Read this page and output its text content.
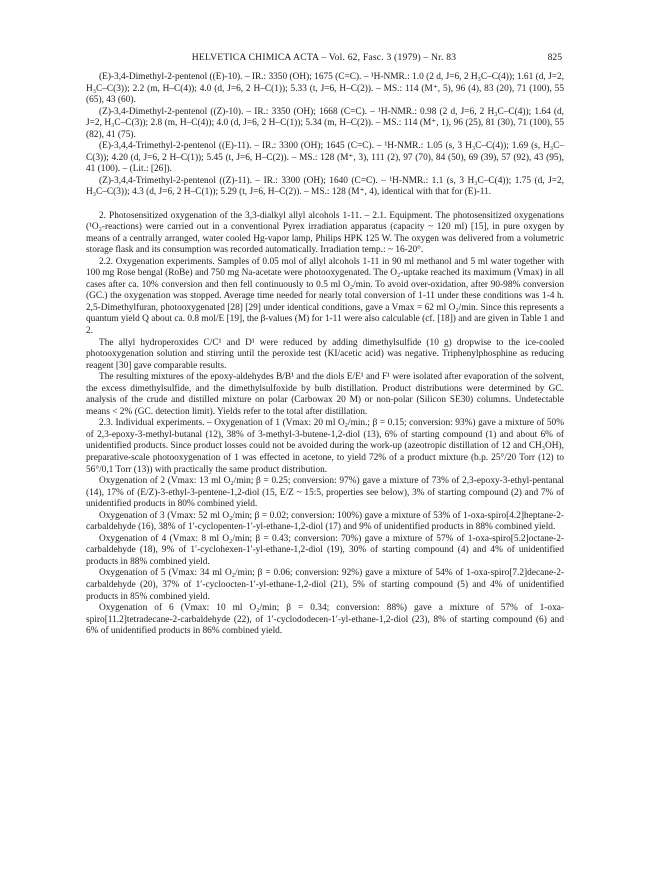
HELVETICA CHIMICA ACTA – Vol. 62, Fasc. 3 (1979) – Nr. 83	825

(E)-3,4-Dimethyl-2-pentenol ((E)-10). – IR.: 3350 (OH); 1675 (C=C). – ¹H-NMR.: 1.0 (2 d, J=6, 2 H₃C–C(4)); 1.61 (d, J=2, H₃C–C(3)); 2.2 (m, H–C(4)); 4.0 (d, J=6, 2 H–C(1)); 5.33 (t, J=6, H–C(2)). – MS.: 114 (M⁺, 5), 96 (4), 83 (20), 71 (100), 55 (65), 43 (60).

(Z)-3,4-Dimethyl-2-pentenol ((Z)-10). – IR.: 3350 (OH); 1668 (C=C). – ¹H-NMR.: 0.98 (2 d, J=6, 2 H₃C–C(4)); 1.64 (d, J=2, H₃C–C(3)); 2.8 (m, H–C(4)); 4.0 (d, J=6, 2 H–C(1)); 5.34 (m, H–C(2)). – MS.: 114 (M⁺, 1), 96 (25), 81 (30), 71 (100), 55 (82), 41 (75).

(E)-3,4,4-Trimethyl-2-pentenol ((E)-11). – IR.: 3300 (OH); 1645 (C=C). – ¹H-NMR.: 1.05 (s, 3 H₃C–C(4)); 1.69 (s, H₃C–C(3)); 4.20 (d, J=6, 2 H–C(1)); 5.45 (t, J=6, H–C(2)). – MS.: 128 (M⁺, 3), 111 (2), 97 (70), 84 (50), 69 (39), 57 (92), 43 (95), 41 (100). – (Lit.: [26]).

(Z)-3,4,4-Trimethyl-2-pentenol ((Z)-11). – IR.: 3300 (OH); 1640 (C=C). – ¹H-NMR.: 1.1 (s, 3 H₃C–C(4)); 1.75 (d, J=2, H₃C–C(3)); 4.3 (d, J=6, 2 H–C(1)); 5.29 (t, J=6, H–C(2)). – MS.: 128 (M⁺, 4), identical with that for (E)-11.

2. Photosensitized oxygenation of the 3,3-dialkyl allyl alcohols 1-11. – 2.1. Equipment. The photosensitized oxygenations (¹O₂-reactions) were carried out in a conventional Pyrex irradiation apparatus (capacity ~ 120 ml) [15], in pure oxygen by means of a centrally arranged, water cooled Hg-vapor lamp, Philips HPK 125 W. The oxygen was delivered from a volumetric storage flask and its consumption was recorded automatically. Irradiation temp.: ~ 16-20°.

2.2. Oxygenation experiments. Samples of 0.05 mol of allyl alcohols 1-11 in 90 ml methanol and 5 ml water together with 100 mg Rose bengal (RoBe) and 750 mg Na-acetate were photooxygenated. The O₂-uptake reached its maximum (Vmax) in all cases after ca. 10% conversion and then fell continuously to 0.5 ml O₂/min. To avoid over-oxidation, after 90-98% conversion (GC.) the oxygenation was stopped. Average time needed for nearly total conversion of 1-11 under these conditions was 1-4 h. 2,5-Dimethylfuran, photooxygenated [28] [29] under identical conditions, gave a Vmax = 62 ml O₂/min. Since this represents a quantum yield Q about ca. 0.8 mol/E [19], the β-values (M) for 1-11 were also calculable (cf. [18]) and are given in Table 1 and 2.

The allyl hydroperoxides C/C¹ and D¹ were reduced by adding dimethylsulfide (10 g) dropwise to the ice-cooled photooxygenation solution and stirring until the peroxide test (KI/acetic acid) was negative. Triphenylphosphine as reducing reagent [30] gave comparable results.

The resulting mixtures of the epoxy-aldehydes B/B¹ and the diols E/E¹ and F¹ were isolated after evaporation of the solvent, the excess dimethylsulfide, and the dimethylsulfoxide by bulb distillation. Product distributions were determined by GC. analysis of the crude and distilled mixture on polar (Carbowax 20 M) or non-polar (Silicon SE30) columns. Undetectable means < 2% (GC. detection limit). Yields refer to the total after distillation.

2.3. Individual experiments. – Oxygenation of 1 (Vmax: 20 ml O₂/min.; β = 0.15; conversion: 93%) gave a mixture of 50% of 2,3-epoxy-3-methyl-butanal (12), 38% of 3-methyl-3-butene-1,2-diol (13), 6% of starting compound (1) and about 6% of unidentified products. Since product losses could not be avoided during the work-up (azeotropic distillation of 12 and CH₃OH), preparative-scale photooxygenation of 1 was effected in acetone, to yield 72% of a product mixture (b.p. 25°/20 Torr (12) to 56°/0,1 Torr (13)) with practically the same product distribution.

Oxygenation of 2 (Vmax: 13 ml O₂/min; β = 0.25; conversion: 97%) gave a mixture of 73% of 2,3-epoxy-3-ethyl-pentanal (14), 17% of (E/Z)-3-ethyl-3-pentene-1,2-diol (15, E/Z ~ 15:5, properties see below), 3% of starting compound (2) and 7% of unidentified products in 80% combined yield.

Oxygenation of 3 (Vmax: 52 ml O₂/min; β = 0.02; conversion: 100%) gave a mixture of 53% of 1-oxa-spiro[4.2]heptane-2-carbaldehyde (16), 38% of 1′-cyclopenten-1′-yl-ethane-1,2-diol (17) and 9% of unidentified products in 88% combined yield.

Oxygenation of 4 (Vmax: 8 ml O₂/min; β = 0.43; conversion: 70%) gave a mixture of 57% of 1-oxa-spiro[5.2]octane-2-carbaldehyde (18), 9% of 1′-cyclohexen-1′-yl-ethane-1,2-diol (19), 30% of starting compound (4) and 4% of unidentified products in 88% combined yield.

Oxygenation of 5 (Vmax: 34 ml O₂/min; β = 0.06; conversion: 92%) gave a mixture of 54% of 1-oxa-spiro[7.2]decane-2-carbaldehyde (20), 37% of 1′-cycloocten-1′-yl-ethane-1,2-diol (21), 5% of starting compound (5) and 4% of unidentified products in 85% combined yield.

Oxygenation of 6 (Vmax: 10 ml O₂/min; β = 0.34; conversion: 88%) gave a mixture of 57% of 1-oxa-spiro[11.2]tetradecane-2-carbaldehyde (22), of 1′-cyclododecen-1′-yl-ethane-1,2-diol (23), 8% of starting compound (6) and 6% of unidentified products in 86% combined yield.
